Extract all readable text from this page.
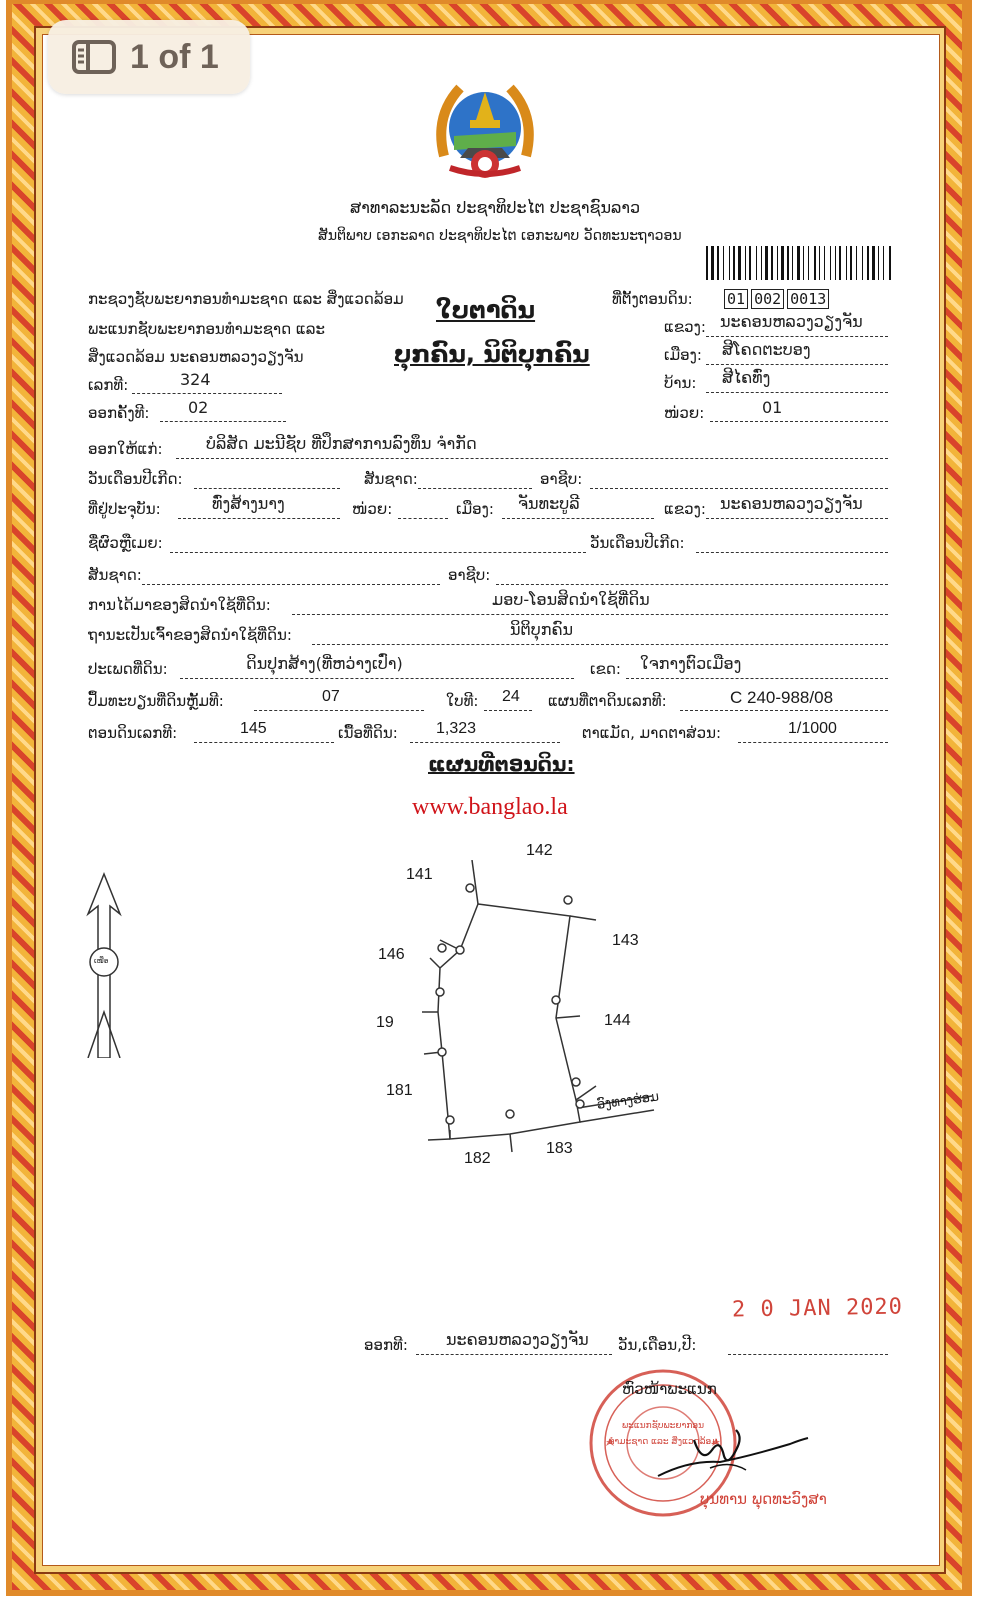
1 of 1
ສາທາລະນະລັດ ປະຊາທິປະໄຕ ປະຊາຊົນລາວ
ສັນຕິພາບ ເອກະລາດ ປະຊາທິປະໄຕ ເອກະພາບ ວັດທະນະຖາວອນ
ກະຊວງຊັບພະຍາກອນທຳມະຊາດ ແລະ ສິ່ງແວດລ້ອມ
ພະແນກຊັບພະຍາກອນທຳມະຊາດ ແລະ
ສິ່ງແວດລ້ອມ ນະຄອນຫລວງວຽງຈັນ
ເລກທີ:	324
ອອກຄັ້ງທີ: 02
ໃບຕາດິນ
ບຸກຄົນ, ນິຕິບຸກຄົນ
ທີ່ຕັ້ງຕອນດິນ: 01 002 0013
ແຂວງ: ນະຄອນຫລວງວຽງຈັນ
ເມືອງ: ສີໂຄດຕະບອງ
ບ້ານ: ສີໄຄທົ່ງ
ໜ່ວຍ:	01
ອອກໃຫ້ແກ່:	ບໍລິສັດ ມະນີຊັບ ທີ່ປຶກສາການລົງທຶນ ຈຳກັດ
ວັນເດືອນປີເກີດ:	ສັນຊາດ:	ອາຊີບ:
ທີ່ຢູ່ປະຈຸບັນ:	ທົ່ງສ້າງນາງ	ໜ່ວຍ:	ເມືອງ: ຈັນທະບູລີ	ແຂວງ: ນະຄອນຫລວງວຽງຈັນ
ຊື່ຜົວຫຼືເມຍ:	ວັນເດືອນປີເກີດ:
ສັນຊາດ:	ອາຊີບ:
ການໄດ້ມາຂອງສິດນຳໃຊ້ທີ່ດິນ:	ມອບ-ໂອນສິດນຳໃຊ້ທີ່ດິນ
ຖານະເປັນເຈົ້າຂອງສິດນຳໃຊ້ທີ່ດິນ:	ນິຕິບຸກຄົນ
ປະເພດທີ່ດິນ:	ດິນປຸກສ້າງ(ທີ່ຫວ່າງເປົ່າ)	ເຂດ: ໃຈກາງຕົວເມືອງ
ປຶ້ມທະບຽນທີ່ດິນຫຼັ້ມທີ:	07	ໃບທີ: 24 ແຜນທີ່ຕາດິນເລກທີ:	C 240-988/08
ຕອນດິນເລກທີ:	145	ເນື້ອທີ່ດິນ: 1,323	ຕາແມັດ, ມາດຕາສ່ວນ:	1/1000
ແຜນທີ່ຕອນດິນ:
www.banglao.la
ເໜືອ
142
141
143
146
144
19
181
183
182
ວົງທາງຮ່ອມ
2 0 JAN 2020
ອອກທີ: ນະຄອນຫລວງວຽງຈັນ ວັນ,ເດືອນ,ປີ:
ພະແນກຊັບພະຍາກອນທຳມະຊາດ ແລະ ສິ່ງແວດລ້ອມ
ຫົວໜ້າພະແນກ
ບຸນທານ ພຸດທະວົງສາ
